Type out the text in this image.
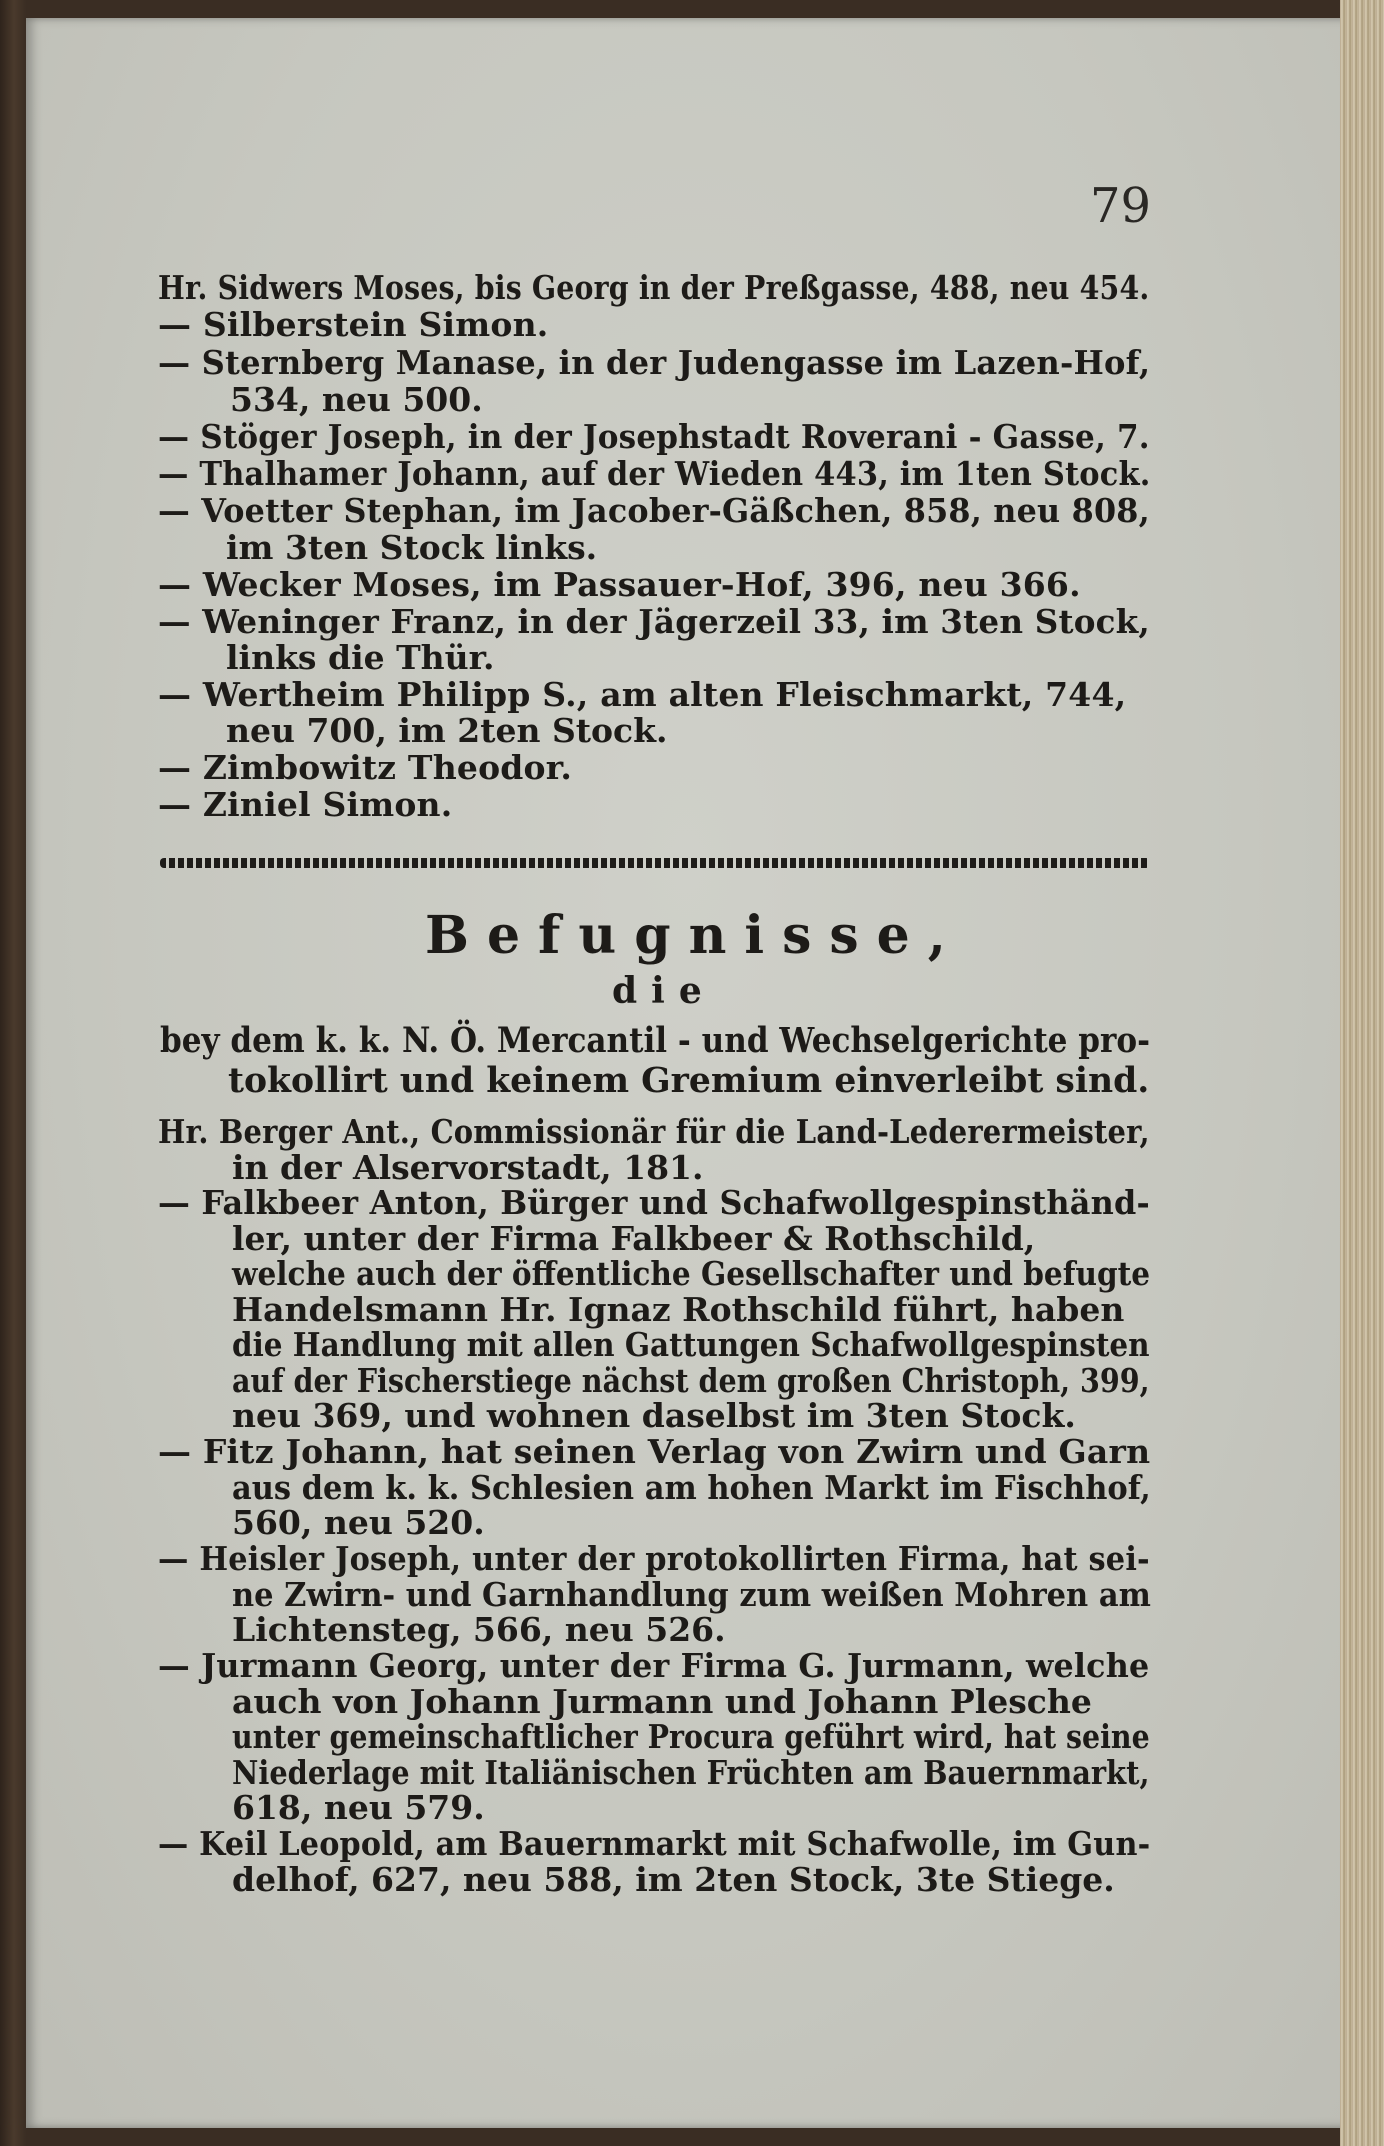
79
Hr. Sidwers Moses, bis Georg in der Preßgasse, 488, neu 454.
— Silberstein Simon.
— Sternberg Manase, in der Judengasse im Lazen-Hof,
534, neu 500.
— Stöger Joseph, in der Josephstadt Roverani - Gasse, 7.
— Thalhamer Johann, auf der Wieden 443, im 1ten Stock.
— Voetter Stephan, im Jacober-Gäßchen, 858, neu 808,
im 3ten Stock links.
— Wecker Moses, im Passauer-Hof, 396, neu 366.
— Weninger Franz, in der Jägerzeil 33, im 3ten Stock,
links die Thür.
— Wertheim Philipp S., am alten Fleischmarkt, 744,
neu 700, im 2ten Stock.
— Zimbowitz Theodor.
— Ziniel Simon.
Befugnisse,
die
bey dem k. k. N. Ö. Mercantil - und Wechselgerichte pro-
tokollirt und keinem Gremium einverleibt sind.
Hr. Berger Ant., Commissionär für die Land-Lederermeister,
in der Alservorstadt, 181.
— Falkbeer Anton, Bürger und Schafwollgespinsthänd-
ler, unter der Firma Falkbeer & Rothschild,
welche auch der öffentliche Gesellschafter und befugte
Handelsmann Hr. Ignaz Rothschild führt, haben
die Handlung mit allen Gattungen Schafwollgespinsten
auf der Fischerstiege nächst dem großen Christoph, 399,
neu 369, und wohnen daselbst im 3ten Stock.
— Fitz Johann, hat seinen Verlag von Zwirn und Garn
aus dem k. k. Schlesien am hohen Markt im Fischhof,
560, neu 520.
— Heisler Joseph, unter der protokollirten Firma, hat sei-
ne Zwirn- und Garnhandlung zum weißen Mohren am
Lichtensteg, 566, neu 526.
— Jurmann Georg, unter der Firma G. Jurmann, welche
auch von Johann Jurmann und Johann Plesche
unter gemeinschaftlicher Procura geführt wird, hat seine
Niederlage mit Italiänischen Früchten am Bauernmarkt,
618, neu 579.
— Keil Leopold, am Bauernmarkt mit Schafwolle, im Gun-
delhof, 627, neu 588, im 2ten Stock, 3te Stiege.
